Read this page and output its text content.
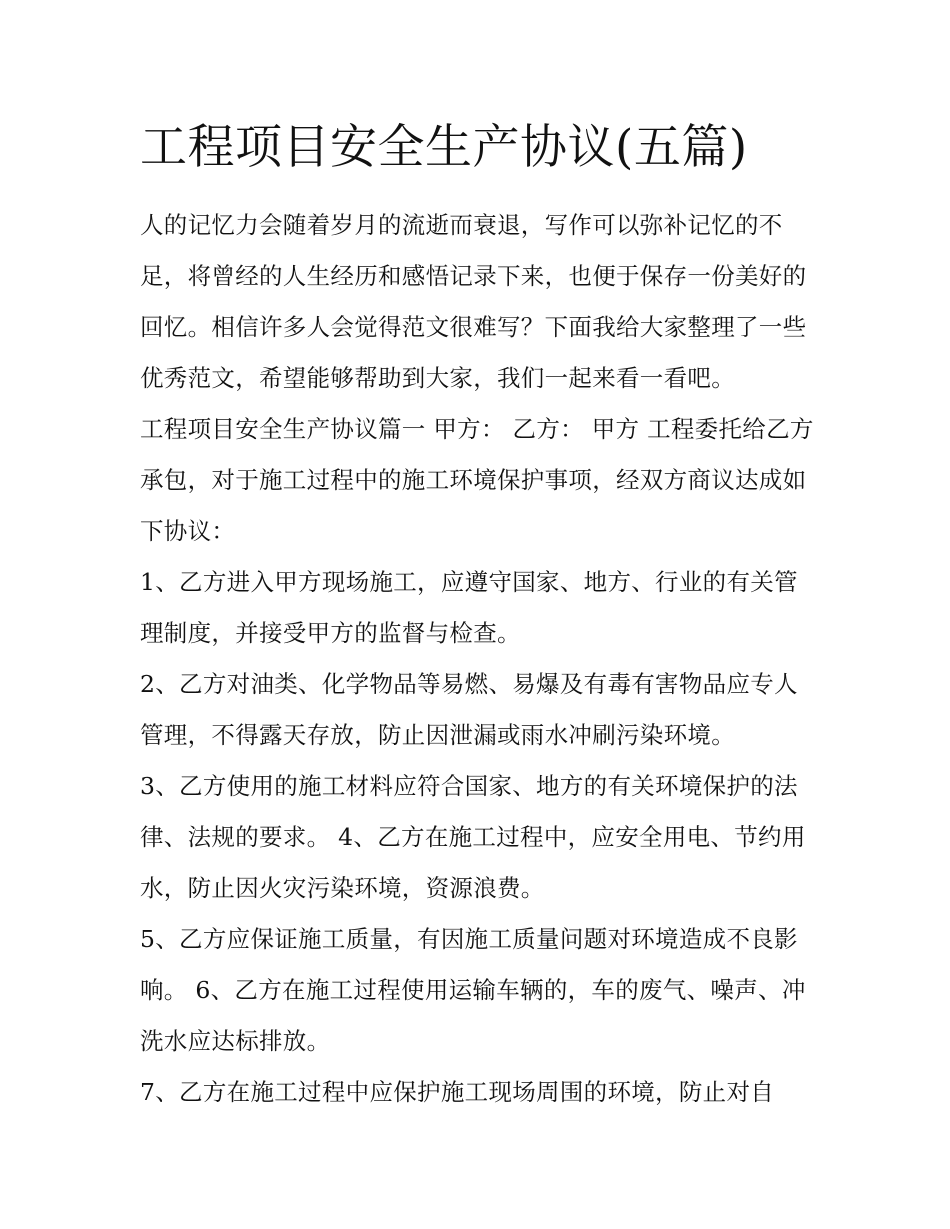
工程项目安全生产协议(五篇)

人的记忆力会随着岁月的流逝而衰退，写作可以弥补记忆的不足，将曾经的人生经历和感悟记录下来，也便于保存一份美好的回忆。相信许多人会觉得范文很难写？下面我给大家整理了一些优秀范文，希望能够帮助到大家，我们一起来看一看吧。

工程项目安全生产协议篇一 甲方： 乙方： 甲方 工程委托给乙方承包，对于施工过程中的施工环境保护事项，经双方商议达成如下协议：

1、乙方进入甲方现场施工，应遵守国家、地方、行业的有关管理制度，并接受甲方的监督与检查。

2、乙方对油类、化学物品等易燃、易爆及有毒有害物品应专人管理，不得露天存放，防止因泄漏或雨水冲刷污染环境。

3、乙方使用的施工材料应符合国家、地方的有关环境保护的法律、法规的要求。 4、乙方在施工过程中，应安全用电、节约用水，防止因火灾污染环境，资源浪费。

5、乙方应保证施工质量，有因施工质量问题对环境造成不良影响。 6、乙方在施工过程使用运输车辆的，车的废气、噪声、冲洗水应达标排放。

7、乙方在施工过程中应保护施工现场周围的环境，防止对自
